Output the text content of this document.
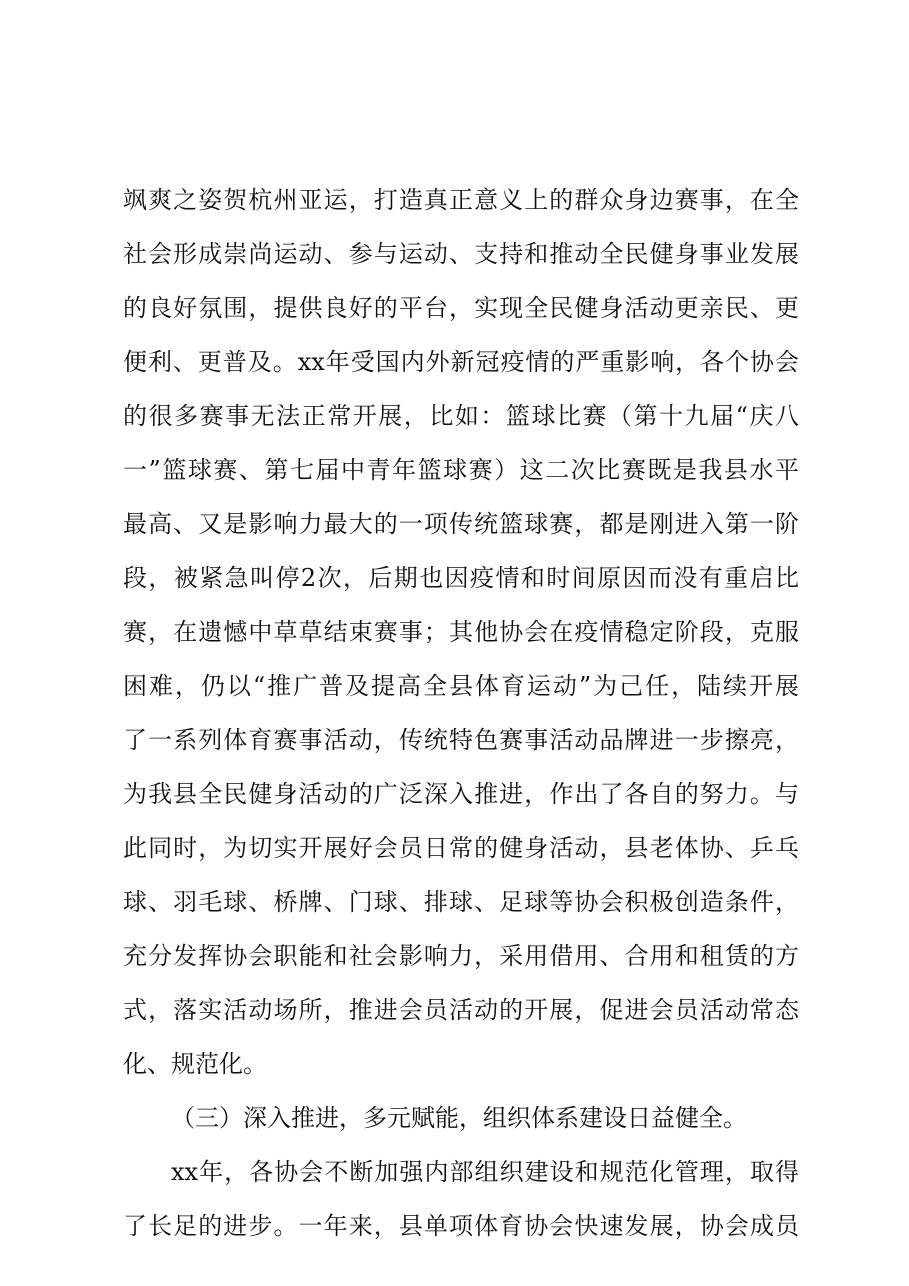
飒爽之姿贺杭州亚运，打造真正意义上的群众身边赛事，在全
社会形成崇尚运动、参与运动、支持和推动全民健身事业发展
的良好氛围，提供良好的平台，实现全民健身活动更亲民、更
便利、更普及。xx年受国内外新冠疫情的严重影响，各个协会
的很多赛事无法正常开展，比如：篮球比赛（第十九届“庆八
一”篮球赛、第七届中青年篮球赛）这二次比赛既是我县水平
最高、又是影响力最大的一项传统篮球赛，都是刚进入第一阶
段，被紧急叫停2次，后期也因疫情和时间原因而没有重启比
赛，在遗憾中草草结束赛事；其他协会在疫情稳定阶段，克服
困难，仍以“推广普及提高全县体育运动”为己任，陆续开展
了一系列体育赛事活动，传统特色赛事活动品牌进一步擦亮，
为我县全民健身活动的广泛深入推进，作出了各自的努力。与
此同时，为切实开展好会员日常的健身活动，县老体协、乒乓
球、羽毛球、桥牌、门球、排球、足球等协会积极创造条件，
充分发挥协会职能和社会影响力，采用借用、合用和租赁的方
式，落实活动场所，推进会员活动的开展，促进会员活动常态
化、规范化。
（三）深入推进，多元赋能，组织体系建设日益健全。
xx年，各协会不断加强内部组织建设和规范化管理，取得
了长足的进步。一年来，县单项体育协会快速发展，协会成员
